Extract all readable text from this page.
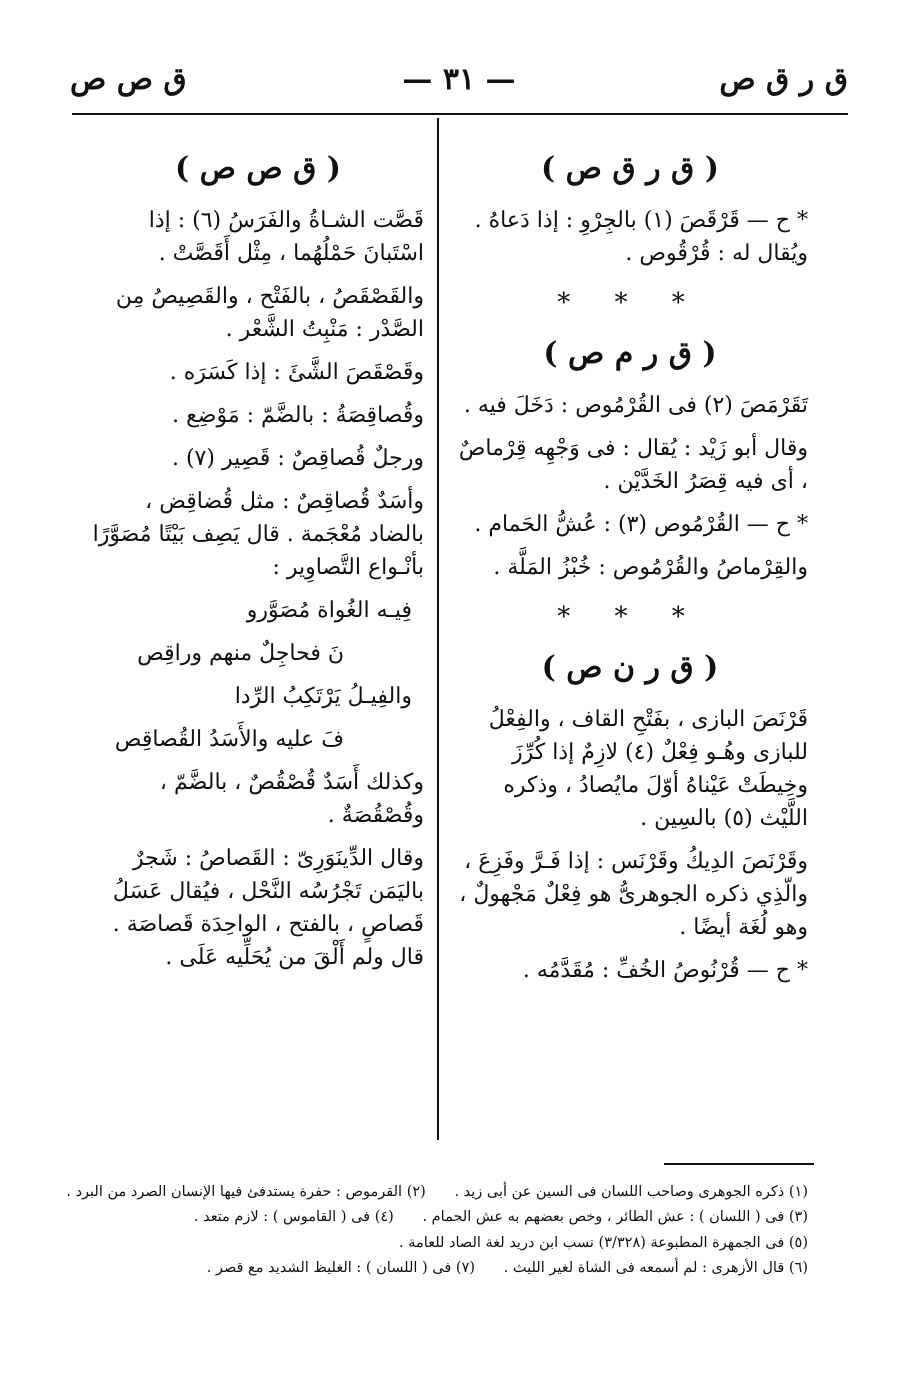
ق ر ق ص
— ٣١ —
ق ص ص
( ق ر ق ص )
* ح — قَرْقَصَ (١) بالجِرْوِ : إذا دَعاهُ . ويُقال له : قُرْقُوص .
* * *
( ق ر م ص )
تَقَرْمَصَ (٢) فى القُرْمُوص : دَخَلَ فيه .
وقال أبو زَيْد : يُقال : فى وَجْهِه قِرْماصٌ ، أى فيه قِصَرُ الخَدَّيْن .
* ح — القُرْمُوص (٣) : عُشُّ الحَمام .
والقِرْماصُ والقُرْمُوص : خُبْزُ المَلَّة .
* * *
( ق ر ن ص )
قَرْنَصَ البازى ، بفَتْحِ القاف ، والفِعْلُ للبازى وهُـو فِعْلٌ (٤) لازِمٌ إذا كُرِّزَ وخِيطَتْ عَيْناهُ أوّلَ مايُصادُ ، وذكره اللَّيْث (٥) بالسِين .
وقَرْنَصَ الدِيكُ وقَرْنَس : إذا فَـرَّ وفَزِعَ ، والّذِي ذكره الجوهرىُّ هو فِعْلٌ مَجْهولٌ ، وهو لُغَة أيضًا .
* ح — قُرْنُوصُ الخُفِّ : مُقَدَّمُه .
( ق ص ص )
قَصَّت الشـاةُ والفَرَسُ (٦) : إذا اسْتَبانَ حَمْلُهُما ، مِثْل أَقَصَّتْ .
والقَصْقَصُ ، بالفَتْح ، والقَصِيصُ مِن الصَّدْر : مَنْبِتُ الشَّعْر .
وقَصْقَصَ الشَّئَ : إذا كَسَرَه .
وقُصاقِصَةُ : بالضَّمّ : مَوْضِع .
ورجلٌ قُصاقِصٌ : قَصِير (٧) .
وأسَدٌ قُصاقِصٌ : مثل قُضاقِض ، بالضاد مُعْجَمة . قال يَصِف بَيْتًا مُصَوَّرًا بأنْـواع التَّصاوِير :
فِيـه الغُواة مُصَوَّرو
نَ فحاجِلٌ منهم وراقِص
والفِيـلُ يَرْتَكِبُ الرِّدا
فَ عليه والأَسَدُ القُصاقِص
وكذلك أَسَدٌ قُصْقُصٌ ، بالضَّمّ ، وقُصْقُصَةٌ .
وقال الدِّينَوَرِىّ : القَصاصُ : شَجرٌ باليَمَن تَجْرُسُه النَّحْل ، فيُقال عَسَلُ قَصاصٍ ، بالفتح ، الواحِدَة قَصاصَة . قال ولم أَلْقَ من يُحَلِّيه عَلَى .
(١) ذكره الجوهرى وصاحب اللسان فى السين عن أبى زيد . (٢) القرموص : حفرة يستدفئ فيها الإنسان الصرد من البرد .
(٣) فى ( اللسان ) : عش الطائر ، وخص بعضهم به عش الحمام . (٤) فى ( القاموس ) : لازم متعد .
(٥) فى الجمهرة المطبوعة (٣/٣٢٨) نسب ابن دريد لغة الصاد للعامة .
(٦) قال الأزهرى : لم أسمعه فى الشاة لغير الليث . (٧) فى ( اللسان ) : الغليظ الشديد مع قصر .
